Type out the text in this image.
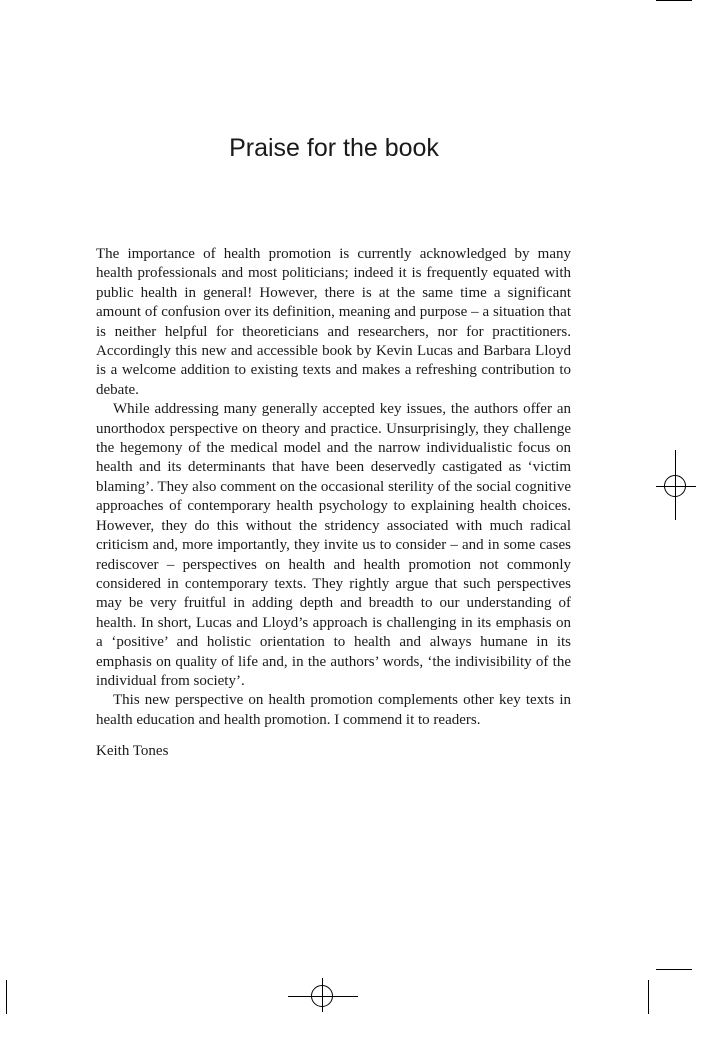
Praise for the book

The importance of health promotion is currently acknowledged by many health professionals and most politicians; indeed it is frequently equated with public health in general! However, there is at the same time a significant amount of confusion over its definition, meaning and purpose – a situation that is neither helpful for theoreticians and researchers, nor for practitioners. Accordingly this new and accessible book by Kevin Lucas and Barbara Lloyd is a welcome addition to existing texts and makes a refreshing contribution to debate.

While addressing many generally accepted key issues, the authors offer an unorthodox perspective on theory and practice. Unsurprisingly, they challenge the hegemony of the medical model and the narrow individualistic focus on health and its determinants that have been deservedly castigated as ‘victim blaming’. They also comment on the occasional sterility of the social cognitive approaches of contemporary health psychology to explaining health choices. However, they do this without the stridency associated with much radical criticism and, more importantly, they invite us to consider – and in some cases rediscover – perspectives on health and health promotion not commonly considered in contemporary texts. They rightly argue that such perspectives may be very fruitful in adding depth and breadth to our understanding of health. In short, Lucas and Lloyd’s approach is challenging in its emphasis on a ‘positive’ and holistic orientation to health and always humane in its emphasis on quality of life and, in the authors’ words, ‘the indivisibility of the individual from society’.

This new perspective on health promotion complements other key texts in health education and health promotion. I commend it to readers.

Keith Tones
